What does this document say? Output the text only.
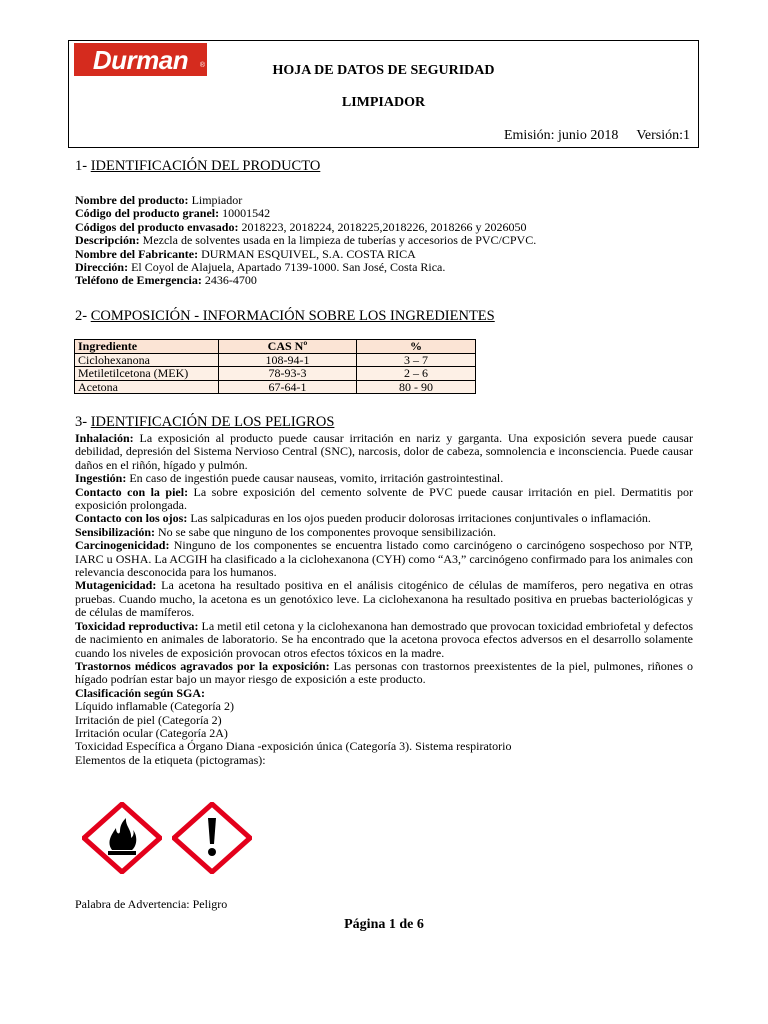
Durman ®	HOJA DE DATOS DE SEGURIDAD
LIMPIADOR
Emisión: junio 2018 Versión:1
1- IDENTIFICACIÓN DEL PRODUCTO

Nombre del producto: Limpiador

Código del producto granel: 10001542

Códigos del producto envasado: 2018223, 2018224, 2018225,2018226, 2018266 y 2026050

Descripción: Mezcla de solventes usada en la limpieza de tuberías y accesorios de PVC/CPVC.

Nombre del Fabricante: DURMAN ESQUIVEL, S.A. COSTA RICA

Dirección: El Coyol de Alajuela, Apartado 7139-1000. San José, Costa Rica.

Teléfono de Emergencia: 2436-4700

2- COMPOSICIÓN - INFORMACIÓN SOBRE LOS INGREDIENTES
Ingrediente	CAS Nº	%
Ciclohexanona	108-94-1	3 – 7
Metiletilcetona (MEK)	78-93-3	2 – 6
Acetona	67-64-1	80 - 90
3- IDENTIFICACIÓN DE LOS PELIGROS

Inhalación: La exposición al producto puede causar irritación en nariz y garganta. Una exposición severa puede causar debilidad, depresión del Sistema Nervioso Central (SNC), narcosis, dolor de cabeza, somnolencia e inconsciencia. Puede causar daños en el riñón, hígado y pulmón.

Ingestión: En caso de ingestión puede causar nauseas, vomito, irritación gastrointestinal.

Contacto con la piel: La sobre exposición del cemento solvente de PVC puede causar irritación en piel. Dermatitis por exposición prolongada.

Contacto con los ojos: Las salpicaduras en los ojos pueden producir dolorosas irritaciones conjuntivales o inflamación.

Sensibilización: No se sabe que ninguno de los componentes provoque sensibilización.

Carcinogenicidad: Ninguno de los componentes se encuentra listado como carcinógeno o carcinógeno sospechoso por NTP, IARC u OSHA. La ACGIH ha clasificado a la ciclohexanona (CYH) como “A3,” carcinógeno confirmado para los animales con relevancia desconocida para los humanos.

Mutagenicidad: La acetona ha resultado positiva en el análisis citogénico de células de mamíferos, pero negativa en otras pruebas. Cuando mucho, la acetona es un genotóxico leve. La ciclohexanona ha resultado positiva en pruebas bacteriológicas y de células de mamíferos.

Toxicidad reproductiva: La metil etil cetona y la ciclohexanona han demostrado que provocan toxicidad embriofetal y defectos de nacimiento en animales de laboratorio. Se ha encontrado que la acetona provoca efectos adversos en el desarrollo solamente cuando los niveles de exposición provocan otros efectos tóxicos en la madre.

Trastornos médicos agravados por la exposición: Las personas con trastornos preexistentes de la piel, pulmones, riñones o hígado podrían estar bajo un mayor riesgo de exposición a este producto.

Clasificación según SGA:

Líquido inflamable (Categoría 2)

Irritación de piel (Categoría 2)

Irritación ocular (Categoría 2A)

Toxicidad Específica a Órgano Diana -exposición única (Categoría 3). Sistema respiratorio

Elementos de la etiqueta (pictogramas):

Palabra de Advertencia: Peligro
Página 1 de 6
